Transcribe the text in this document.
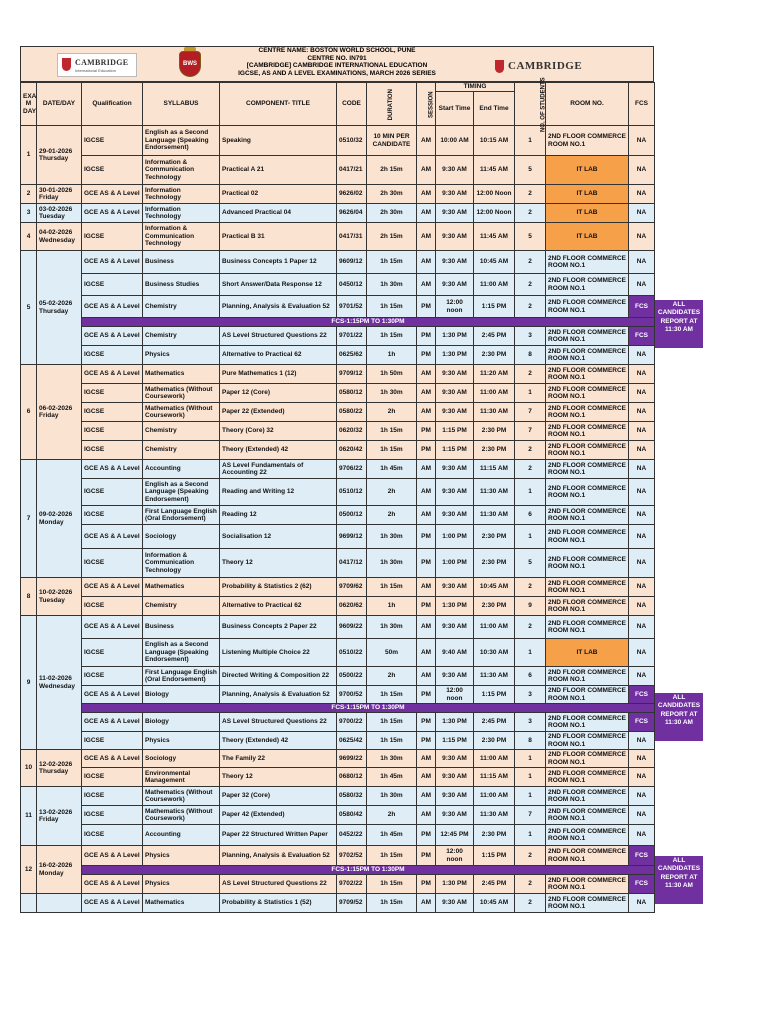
CAMBRIDGE
International Education
BWS
CENTRE NAME: BOSTON WORLD SCHOOL, PUNE
CENTRE NO. IN791
[CAMBRIDGE] CAMBRIDGE INTERNATIONAL EDUCATION
IGCSE, AS AND A LEVEL EXAMINATIONS, MARCH 2026 SERIES
CAMBRIDGE
EXA M DAY	DATE/DAY	Qualification	SYLLABUS	COMPONENT- TITLE	CODE	DURATION	SESSION	TIMING		NO. OF STUDENTS	ROOM NO.	FCS
								Start Time	End Time			
1	29-01-2026 Thursday	IGCSE	English as a Second Language (Speaking Endorsement)	Speaking	0510/32	10 MIN PER CANDIDATE	AM	10:00 AM	10:15 AM	1	2ND FLOOR COMMERCE ROOM NO.1	NA
		IGCSE	Information & Communication Technology	Practical A 21	0417/21	2h 15m	AM	9:30 AM	11:45 AM	5	IT LAB	NA
2	30-01-2026 Friday	GCE AS & A Level	Information Technology	Practical 02	9626/02	2h 30m	AM	9:30 AM	12:00 Noon	2	IT LAB	NA
3	03-02-2026 Tuesday	GCE AS & A Level	Information Technology	Advanced Practical 04	9626/04	2h 30m	AM	9:30 AM	12:00 Noon	2	IT LAB	NA
4	04-02-2026 Wednesday	IGCSE	Information & Communication Technology	Practical B 31	0417/31	2h 15m	AM	9:30 AM	11:45 AM	5	IT LAB	NA
5	05-02-2026 Thursday	GCE AS & A Level	Business	Business Concepts 1 Paper 12	9609/12	1h 15m	AM	9:30 AM	10:45 AM	2	2ND FLOOR COMMERCE ROOM NO.1	NA
		IGCSE	Business Studies	Short Answer/Data Response 12	0450/12	1h 30m	AM	9:30 AM	11:00 AM	2	2ND FLOOR COMMERCE ROOM NO.1	NA
		GCE AS & A Level	Chemistry	Planning, Analysis & Evaluation 52	9701/52	1h 15m	PM	12:00 noon	1:15 PM	2	2ND FLOOR COMMERCE ROOM NO.1	FCS
		FCS-1:15PM TO 1:30PM										
		GCE AS & A Level	Chemistry	AS Level Structured Questions 22	9701/22	1h 15m	PM	1:30 PM	2:45 PM	3	2ND FLOOR COMMERCE ROOM NO.1	FCS
		IGCSE	Physics	Alternative to Practical 62	0625/62	1h	PM	1:30 PM	2:30 PM	8	2ND FLOOR COMMERCE ROOM NO.1	NA
6	06-02-2026 Friday	GCE AS & A Level	Mathematics	Pure Mathematics 1 (12)	9709/12	1h 50m	AM	9:30 AM	11:20 AM	2	2ND FLOOR COMMERCE ROOM NO.1	NA
		IGCSE	Mathematics (Without Coursework)	Paper 12 (Core)	0580/12	1h 30m	AM	9:30 AM	11:00 AM	1	2ND FLOOR COMMERCE ROOM NO.1	NA
		IGCSE	Mathematics (Without Coursework)	Paper 22 (Extended)	0580/22	2h	AM	9:30 AM	11:30 AM	7	2ND FLOOR COMMERCE ROOM NO.1	NA
		IGCSE	Chemistry	Theory (Core) 32	0620/32	1h 15m	PM	1:15 PM	2:30 PM	7	2ND FLOOR COMMERCE ROOM NO.1	NA
		IGCSE	Chemistry	Theory (Extended) 42	0620/42	1h 15m	PM	1:15 PM	2:30 PM	2	2ND FLOOR COMMERCE ROOM NO.1	NA
7	09-02-2026 Monday	GCE AS & A Level	Accounting	AS Level Fundamentals of Accounting 22	9706/22	1h 45m	AM	9:30 AM	11:15 AM	2	2ND FLOOR COMMERCE ROOM NO.1	NA
		IGCSE	English as a Second Language (Speaking Endorsement)	Reading and Writing 12	0510/12	2h	AM	9:30 AM	11:30 AM	1	2ND FLOOR COMMERCE ROOM NO.1	NA
		IGCSE	First Language English (Oral Endorsement)	Reading 12	0500/12	2h	AM	9:30 AM	11:30 AM	6	2ND FLOOR COMMERCE ROOM NO.1	NA
		GCE AS & A Level	Sociology	Socialisation 12	9699/12	1h 30m	PM	1:00 PM	2:30 PM	1	2ND FLOOR COMMERCE ROOM NO.1	NA
		IGCSE	Information & Communication Technology	Theory 12	0417/12	1h 30m	PM	1:00 PM	2:30 PM	5	2ND FLOOR COMMERCE ROOM NO.1	NA
8	10-02-2026 Tuesday	GCE AS & A Level	Mathematics	Probability & Statistics 2 (62)	9709/62	1h 15m	AM	9:30 AM	10:45 AM	2	2ND FLOOR COMMERCE ROOM NO.1	NA
		IGCSE	Chemistry	Alternative to Practical 62	0620/62	1h	PM	1:30 PM	2:30 PM	9	2ND FLOOR COMMERCE ROOM NO.1	NA
9	11-02-2026 Wednesday	GCE AS & A Level	Business	Business Concepts 2 Paper 22	9609/22	1h 30m	AM	9:30 AM	11:00 AM	2	2ND FLOOR COMMERCE ROOM NO.1	NA
		IGCSE	English as a Second Language (Speaking Endorsement)	Listening Multiple Choice 22	0510/22	50m	AM	9:40 AM	10:30 AM	1	IT LAB	NA
		IGCSE	First Language English (Oral Endorsement)	Directed Writing & Composition 22	0500/22	2h	AM	9:30 AM	11:30 AM	6	2ND FLOOR COMMERCE ROOM NO.1	NA
		GCE AS & A Level	Biology	Planning, Analysis & Evaluation 52	9700/52	1h 15m	PM	12:00 noon	1:15 PM	3	2ND FLOOR COMMERCE ROOM NO.1	FCS
		FCS-1:15PM TO 1:30PM										
		GCE AS & A Level	Biology	AS Level Structured Questions 22	9700/22	1h 15m	PM	1:30 PM	2:45 PM	3	2ND FLOOR COMMERCE ROOM NO.1	FCS
		IGCSE	Physics	Theory (Extended) 42	0625/42	1h 15m	PM	1:15 PM	2:30 PM	8	2ND FLOOR COMMERCE ROOM NO.1	NA
10	12-02-2026 Thursday	GCE AS & A Level	Sociology	The Family 22	9699/22	1h 30m	AM	9:30 AM	11:00 AM	1	2ND FLOOR COMMERCE ROOM NO.1	NA
		IGCSE	Environmental Management	Theory 12	0680/12	1h 45m	AM	9:30 AM	11:15 AM	1	2ND FLOOR COMMERCE ROOM NO.1	NA
11	13-02-2026 Friday	IGCSE	Mathematics (Without Coursework)	Paper 32 (Core)	0580/32	1h 30m	AM	9:30 AM	11:00 AM	1	2ND FLOOR COMMERCE ROOM NO.1	NA
		IGCSE	Mathematics (Without Coursework)	Paper 42 (Extended)	0580/42	2h	AM	9:30 AM	11:30 AM	7	2ND FLOOR COMMERCE ROOM NO.1	NA
		IGCSE	Accounting	Paper 22 Structured Written Paper	0452/22	1h 45m	PM	12:45 PM	2:30 PM	1	2ND FLOOR COMMERCE ROOM NO.1	NA
12	16-02-2026 Monday	GCE AS & A Level	Physics	Planning, Analysis & Evaluation 52	9702/52	1h 15m	PM	12:00 noon	1:15 PM	2	2ND FLOOR COMMERCE ROOM NO.1	FCS
		FCS-1:15PM TO 1:30PM										
		GCE AS & A Level	Physics	AS Level Structured Questions 22	9702/22	1h 15m	PM	1:30 PM	2:45 PM	2	2ND FLOOR COMMERCE ROOM NO.1	FCS
		GCE AS & A Level	Mathematics	Probability & Statistics 1 (52)	9709/52	1h 15m	AM	9:30 AM	10:45 AM	2	2ND FLOOR COMMERCE ROOM NO.1	NA
ALL CANDIDATES REPORT AT 11:30 AM
ALL CANDIDATES REPORT AT 11:30 AM
ALL CANDIDATES REPORT AT 11:30 AM
